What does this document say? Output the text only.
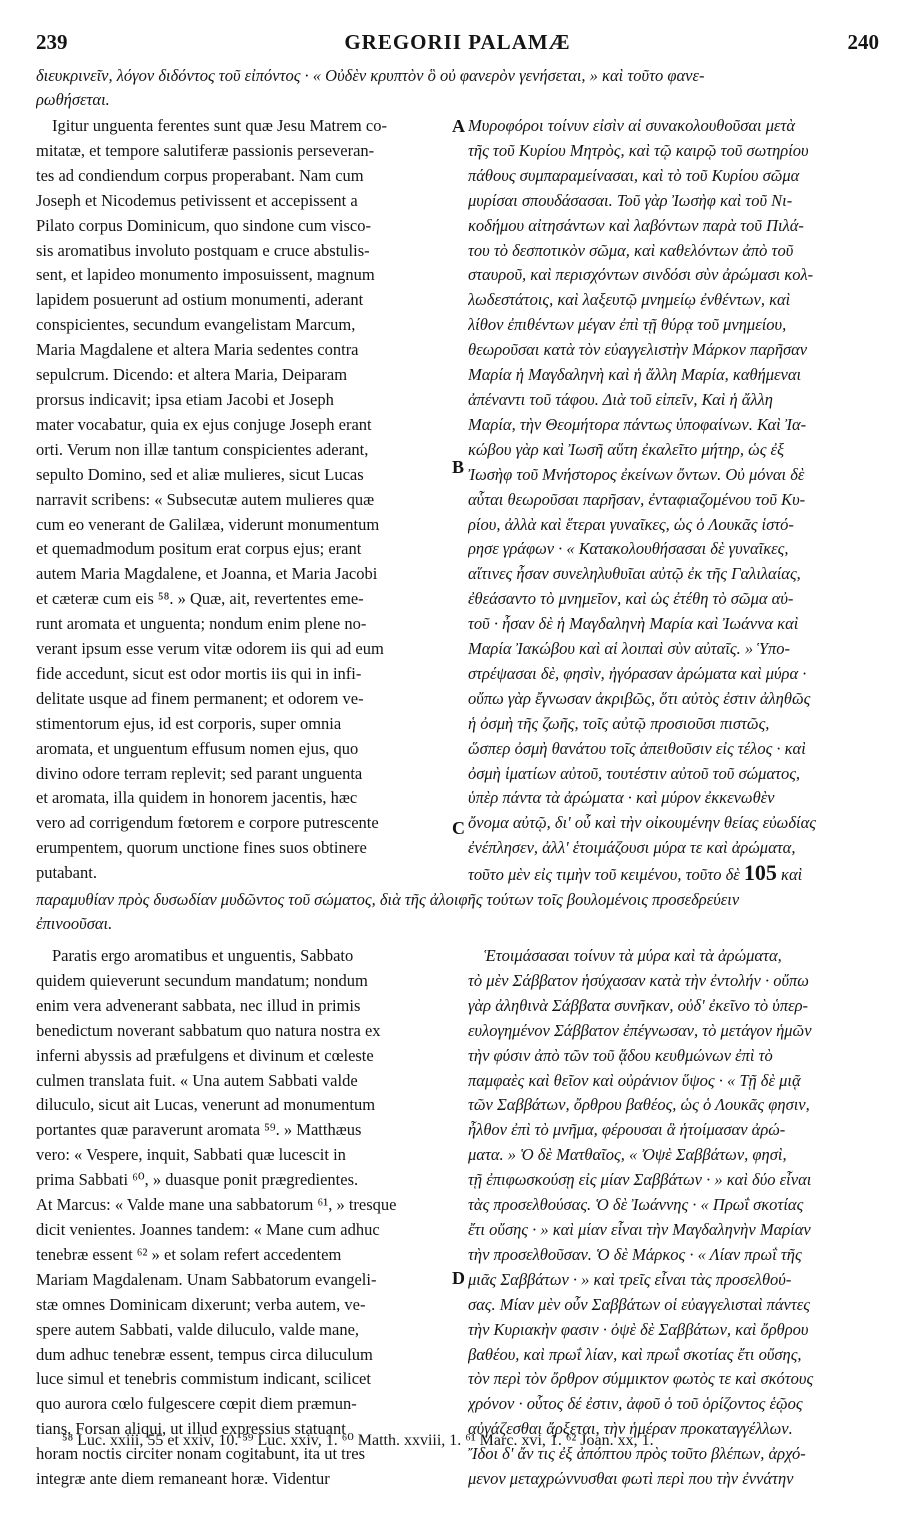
239	GREGORII PALAMÆ	240
διευκρινεῖν, λόγον διδόντος τοῦ εἰπόντος · « Οὐδὲν κρυπτὸν ὃ οὐ φανερὸν γενήσεται, » καὶ τοῦτο φανε-
ρωθήσεται.
Igitur unguenta ferentes sunt quæ Jesu Matrem co-
mitatæ, et tempore salutiferæ passionis perseveran-
tes ad condiendum corpus properabant. Nam cum
Joseph et Nicodemus petivissent et accepissent a
Pilato corpus Dominicum, quo sindone cum visco-
sis aromatibus involuto postquam e cruce abstulis-
sent, et lapideo monumento imposuissent, magnum
lapidem posuerunt ad ostium monumenti, aderant
conspicientes, secundum evangelistam Marcum,
Maria Magdalene et altera Maria sedentes contra
sepulcrum. Dicendo: et altera Maria, Deiparam
prorsus indicavit; ipsa etiam Jacobi et Joseph
mater vocabatur, quia ex ejus conjuge Joseph erant
orti. Verum non illæ tantum conspicientes aderant,
sepulto Domino, sed et aliæ mulieres, sicut Lucas
narravit scribens: « Subsecutæ autem mulieres quæ
cum eo venerant de Galilæa, viderunt monumentum
et quemadmodum positum erat corpus ejus; erant
autem Maria Magdalene, et Joanna, et Maria Jacobi
et cæteræ cum eis ⁵⁸. » Quæ, ait, revertentes eme-
runt aromata et unguenta; nondum enim plene no-
verant ipsum esse verum vitæ odorem iis qui ad eum
fide accedunt, sicut est odor mortis iis qui in infi-
delitate usque ad finem permanent; et odorem ve-
stimentorum ejus, id est corporis, super omnia
aromata, et unguentum effusum nomen ejus, quo
divino odore terram replevit; sed parant unguenta
et aromata, illa quidem in honorem jacentis, hæc
vero ad corrigendum fœtorem e corpore putrescente
erumpentem, quorum unctione fines suos obtinere
putabant.
Μυροφόροι τοίνυν εἰσὶν αἱ συνακολουθοῦσαι μετὰ
τῆς τοῦ Κυρίου Μητρὸς, καὶ τῷ καιρῷ τοῦ σωτηρίου
πάθους συμπαραμείνασαι, καὶ τὸ τοῦ Κυρίου σῶμα
μυρίσαι σπουδάσασαι. Τοῦ γὰρ Ἰωσὴφ καὶ τοῦ Νι-
κοδήμου αἰτησάντων καὶ λαβόντων παρὰ τοῦ Πιλά-
του τὸ δεσποτικὸν σῶμα, καὶ καθελόντων ἀπὸ τοῦ
σταυροῦ, καὶ περισχόντων σινδόσι σὺν ἀρώμασι κολ-
λωδεστάτοις, καὶ λαξευτῷ μνημείῳ ἐνθέντων, καὶ
λίθον ἐπιθέντων μέγαν ἐπὶ τῇ θύρᾳ τοῦ μνημείου,
θεωροῦσαι κατὰ τὸν εὐαγγελιστὴν Μάρκον παρῆσαν
Μαρία ἡ Μαγδαληνὴ καὶ ἡ ἄλλη Μαρία, καθήμεναι
ἀπέναντι τοῦ τάφου. Διὰ τοῦ εἰπεῖν, Καὶ ἡ ἄλλη
Μαρία, τὴν Θεομήτορα πάντως ὑποφαίνων. Καὶ Ἰα-
κώβου γὰρ καὶ Ἰωσῆ αὕτη ἐκαλεῖτο μήτηρ, ὡς ἐξ
Ἰωσὴφ τοῦ Μνήστορος ἐκείνων ὄντων. Οὐ μόναι δὲ
αὗται θεωροῦσαι παρῆσαν, ἐνταφιαζομένου τοῦ Κυ-
ρίου, ἀλλὰ καὶ ἕτεραι γυναῖκες, ὡς ὁ Λουκᾶς ἱστό-
ρησε γράφων · « Κατακολουθήσασαι δὲ γυναῖκες,
αἵτινες ἦσαν συνεληλυθυῖαι αὐτῷ ἐκ τῆς Γαλιλαίας,
ἐθεάσαντο τὸ μνημεῖον, καὶ ὡς ἐτέθη τὸ σῶμα αὐ-
τοῦ · ἦσαν δὲ ἡ Μαγδαληνὴ Μαρία καὶ Ἰωάννα καὶ
Μαρία Ἰακώβου καὶ αἱ λοιπαὶ σὺν αὐταῖς. » Ὑπο-
στρέψασαι δὲ, φησὶν, ἠγόρασαν ἀρώματα καὶ μύρα ·
οὔπω γὰρ ἔγνωσαν ἀκριβῶς, ὅτι αὐτὸς ἐστιν ἀληθῶς
ἡ ὀσμὴ τῆς ζωῆς, τοῖς αὐτῷ προσιοῦσι πιστῶς,
ὥσπερ ὀσμὴ θανάτου τοῖς ἀπειθοῦσιν εἰς τέλος · καὶ
ὀσμὴ ἱματίων αὐτοῦ, τουτέστιν αὐτοῦ τοῦ σώματος,
ὑπὲρ πάντα τὰ ἀρώματα · καὶ μύρον ἐκκενωθὲν
ὄνομα αὐτῷ, δι' οὗ καὶ τὴν οἰκουμένην θείας εὐωδίας
ἐνέπλησεν, ἀλλ' ἑτοιμάζουσι μύρα τε καὶ ἀρώματα,
τοῦτο μὲν εἰς τιμὴν τοῦ κειμένου, τοῦτο δὲ 105 καὶ
παραμυθίαν πρὸς δυσωδίαν μυδῶντος τοῦ σώματος, διὰ τῆς ἀλοιφῆς τούτων τοῖς βουλομένοις προσεδρεύειν
ἐπινοοῦσαι.
Paratis ergo aromatibus et unguentis, Sabbato
quidem quieverunt secundum mandatum; nondum
enim vera advenerant sabbata, nec illud in primis
benedictum noverant sabbatum quo natura nostra ex
inferni abyssis ad præfulgens et divinum et cœleste
culmen translata fuit. « Una autem Sabbati valde
diluculo, sicut ait Lucas, venerunt ad monumentum
portantes quæ paraverunt aromata ⁵⁹. » Matthæus
vero: « Vespere, inquit, Sabbati quæ lucescit in
prima Sabbati ⁶⁰, » duasque ponit prægredientes.
At Marcus: « Valde mane una sabbatorum ⁶¹, » tresque
dicit venientes. Joannes tandem: « Mane cum adhuc
tenebræ essent ⁶² » et solam refert accedentem
Mariam Magdalenam. Unam Sabbatorum evangeli-
stæ omnes Dominicam dixerunt; verba autem, ve-
spere autem Sabbati, valde diluculo, valde mane,
dum adhuc tenebræ essent, tempus circa diluculum
luce simul et tenebris commistum indicant, scilicet
quo aurora cœlo fulgescere cœpit diem præmun-
tians. Forsan aliqui, ut illud expressius statuant
horam noctis circiter nonam cogitabunt, ita ut tres
integræ ante diem remaneant horæ. Videntur
Ἑτοιμάσασαι τοίνυν τὰ μύρα καὶ τὰ ἀρώματα,
τὸ μὲν Σάββατον ἡσύχασαν κατὰ τὴν ἐντολήν · οὔπω
γὰρ ἀληθινὰ Σάββατα συνῆκαν, οὐδ' ἐκεῖνο τὸ ὑπερ-
ευλογημένον Σάββατον ἐπέγνωσαν, τὸ μετάγον ἡμῶν
τὴν φύσιν ἀπὸ τῶν τοῦ ᾅδου κευθμώνων ἐπὶ τὸ
παμφαὲς καὶ θεῖον καὶ οὐράνιον ὕψος · « Τῇ δὲ μιᾷ
τῶν Σαββάτων, ὄρθρου βαθέος, ὡς ὁ Λουκᾶς φησιν,
ἦλθον ἐπὶ τὸ μνῆμα, φέρουσαι ἃ ἡτοίμασαν ἀρώ-
ματα. » Ὁ δὲ Ματθαῖος, « Ὀψὲ Σαββάτων, φησὶ,
τῇ ἐπιφωσκούσῃ εἰς μίαν Σαββάτων · » καὶ δύο εἶναι
τὰς προσελθούσας. Ὁ δὲ Ἰωάννης · « Πρωΐ σκοτίας
ἔτι οὔσης · » καὶ μίαν εἶναι τὴν Μαγδαληνὴν Μαρίαν
τὴν προσελθοῦσαν. Ὁ δὲ Μάρκος · « Λίαν πρωΐ τῆς
μιᾶς Σαββάτων · » καὶ τρεῖς εἶναι τὰς προσελθού-
σας. Μίαν μὲν οὖν Σαββάτων οἱ εὐαγγελισταὶ πάντες
τὴν Κυριακὴν φασιν · ὀψὲ δὲ Σαββάτων, καὶ ὄρθρου
βαθέου, καὶ πρωΐ λίαν, καὶ πρωΐ σκοτίας ἔτι οὔσης,
τὸν περὶ τὸν ὄρθρον σύμμικτον φωτὸς τε καὶ σκότους
χρόνον · οὗτος δέ ἐστιν, ἀφοῦ ὁ τοῦ ὁρίζοντος ἑῷος
αὐγάζεσθαι ἄρξεται, τὴν ἡμέραν προκαταγγέλλων.
Ἴδοι δ' ἄν τις ἐξ ἀπόπτου πρὸς τοῦτο βλέπων, ἀρχό-
μενον μεταχρώννυσθαι φωτὶ περὶ που τὴν ἐννάτην
A
B
C
D
⁵⁸ Luc. xxiii, 55 et xxiv, 10. ⁵⁹ Luc. xxiv, 1. ⁶⁰ Matth. xxviii, 1. ⁶¹ Marc. xvi, 1. ⁶² Joan. xx, 1.
